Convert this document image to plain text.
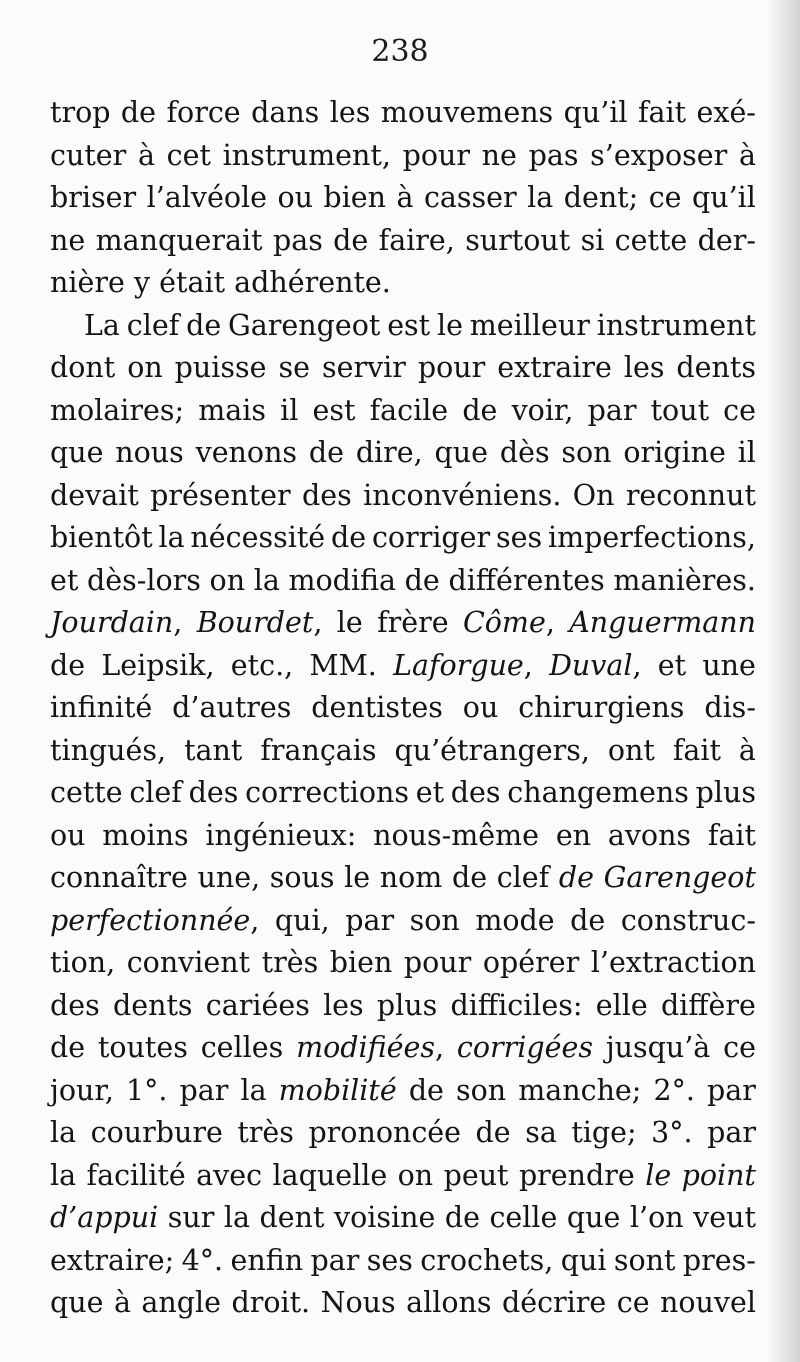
238
trop de force dans les mouvemens qu’il fait exé-
cuter à cet instrument, pour ne pas s’exposer à
briser l’alvéole ou bien à casser la dent; ce qu’il
ne manquerait pas de faire, surtout si cette der-
nière y était adhérente.
La clef de Garengeot est le meilleur instrument
dont on puisse se servir pour extraire les dents
molaires; mais il est facile de voir, par tout ce
que nous venons de dire, que dès son origine il
devait présenter des inconvéniens. On reconnut
bientôt la nécessité de corriger ses imperfections,
et dès-lors on la modifia de différentes manières.
Jourdain, Bourdet, le frère Côme, Anguermann
de Leipsik, etc., MM. Laforgue, Duval, et une
infinité d’autres dentistes ou chirurgiens dis-
tingués, tant français qu’étrangers, ont fait à
cette clef des corrections et des changemens plus
ou moins ingénieux: nous-même en avons fait
connaître une, sous le nom de clef de Garengeot
perfectionnée, qui, par son mode de construc-
tion, convient très bien pour opérer l’extraction
des dents cariées les plus difficiles: elle diffère
de toutes celles modifiées, corrigées jusqu’à ce
jour, 1°. par la mobilité de son manche; 2°. par
la courbure très prononcée de sa tige; 3°. par
la facilité avec laquelle on peut prendre le point
d’appui sur la dent voisine de celle que l’on veut
extraire; 4°. enfin par ses crochets, qui sont pres-
que à angle droit. Nous allons décrire ce nouvel
